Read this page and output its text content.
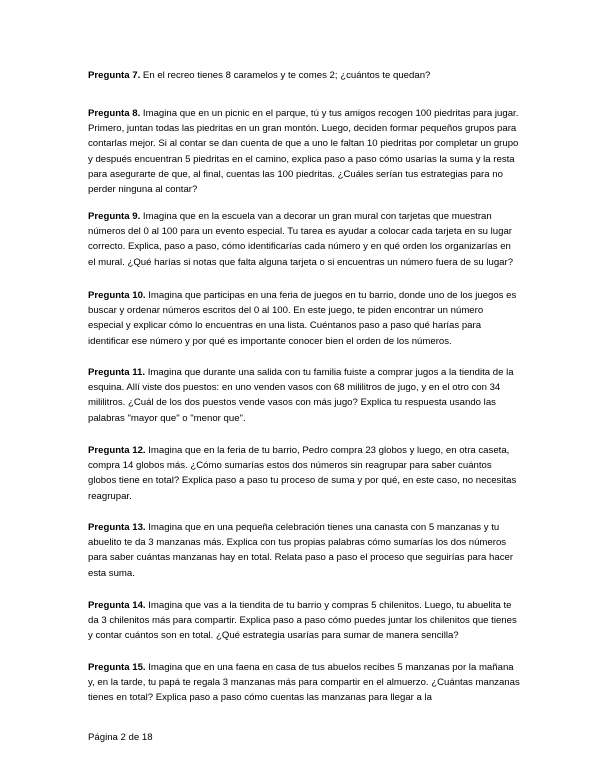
Pregunta 7. En el recreo tienes 8 caramelos y te comes 2; ¿cuántos te quedan?

Pregunta 8. Imagina que en un picnic en el parque, tú y tus amigos recogen 100 piedritas para jugar. Primero, juntan todas las piedritas en un gran montón. Luego, deciden formar pequeños grupos para contarlas mejor. Si al contar se dan cuenta de que a uno le faltan 10 piedritas por completar un grupo y después encuentran 5 piedritas en el camino, explica paso a paso cómo usarías la suma y la resta para asegurarte de que, al final, cuentas las 100 piedritas. ¿Cuáles serían tus estrategias para no perder ninguna al contar?

Pregunta 9. Imagina que en la escuela van a decorar un gran mural con tarjetas que muestran números del 0 al 100 para un evento especial. Tu tarea es ayudar a colocar cada tarjeta en su lugar correcto. Explica, paso a paso, cómo identificarías cada número y en qué orden los organizarías en el mural. ¿Qué harías si notas que falta alguna tarjeta o si encuentras un número fuera de su lugar?

Pregunta 10. Imagina que participas en una feria de juegos en tu barrio, donde uno de los juegos es buscar y ordenar números escritos del 0 al 100. En este juego, te piden encontrar un número especial y explicar cómo lo encuentras en una lista. Cuéntanos paso a paso qué harías para identificar ese número y por qué es importante conocer bien el orden de los números.

Pregunta 11. Imagina que durante una salida con tu familia fuiste a comprar jugos a la tiendita de la esquina. Allí viste dos puestos: en uno venden vasos con 68 mililitros de jugo, y en el otro con 34 mililitros. ¿Cuál de los dos puestos vende vasos con más jugo? Explica tu respuesta usando las palabras "mayor que" o "menor que".

Pregunta 12. Imagina que en la feria de tu barrio, Pedro compra 23 globos y luego, en otra caseta, compra 14 globos más. ¿Cómo sumarías estos dos números sin reagrupar para saber cuántos globos tiene en total? Explica paso a paso tu proceso de suma y por qué, en este caso, no necesitas reagrupar.

Pregunta 13. Imagina que en una pequeña celebración tienes una canasta con 5 manzanas y tu abuelito te da 3 manzanas más. Explica con tus propias palabras cómo sumarías los dos números para saber cuántas manzanas hay en total. Relata paso a paso el proceso que seguirías para hacer esta suma.

Pregunta 14. Imagina que vas a la tiendita de tu barrio y compras 5 chilenitos. Luego, tu abuelita te da 3 chilenitos más para compartir. Explica paso a paso cómo puedes juntar los chilenitos que tienes y contar cuántos son en total. ¿Qué estrategia usarías para sumar de manera sencilla?

Pregunta 15. Imagina que en una faena en casa de tus abuelos recibes 5 manzanas por la mañana y, en la tarde, tu papá te regala 3 manzanas más para compartir en el almuerzo. ¿Cuántas manzanas tienes en total? Explica paso a paso cómo cuentas las manzanas para llegar a la

Página 2 de 18
